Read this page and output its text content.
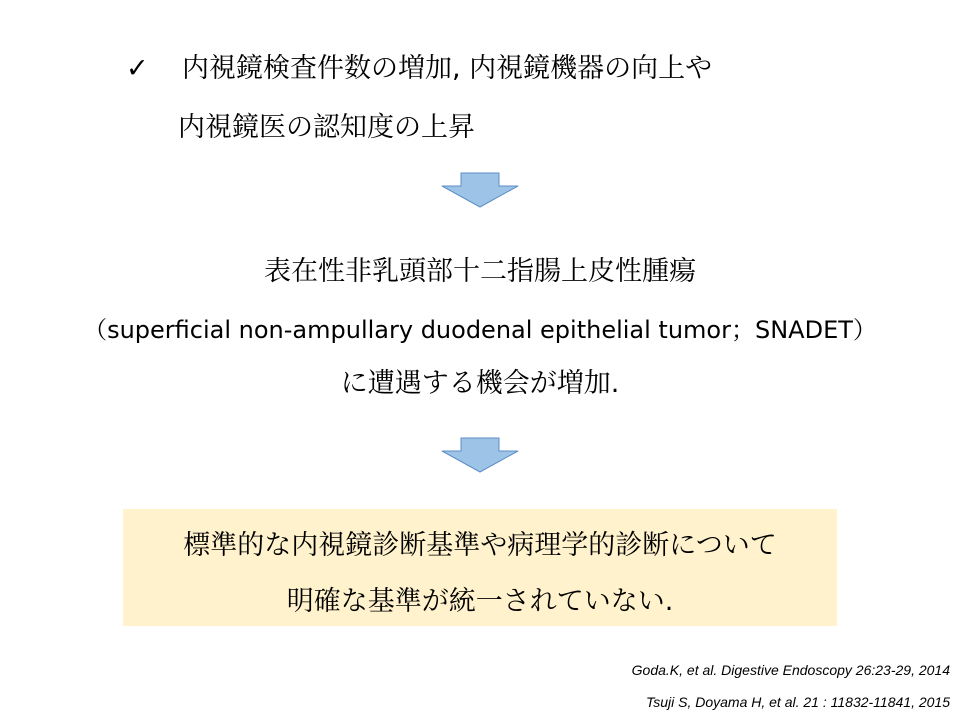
✓ 内視鏡検査件数の増加, 内視鏡機器の向上や
内視鏡医の認知度の上昇
表在性非乳頭部十二指腸上皮性腫瘍
（superficial non-ampullary duodenal epithelial tumor；SNADET）
に遭遇する機会が増加.
標準的な内視鏡診断基準や病理学的診断について
明確な基準が統一されていない.
Goda.K, et al. Digestive Endoscopy 26:23-29, 2014
Tsuji S, Doyama H, et al. 21 : 11832-11841, 2015
